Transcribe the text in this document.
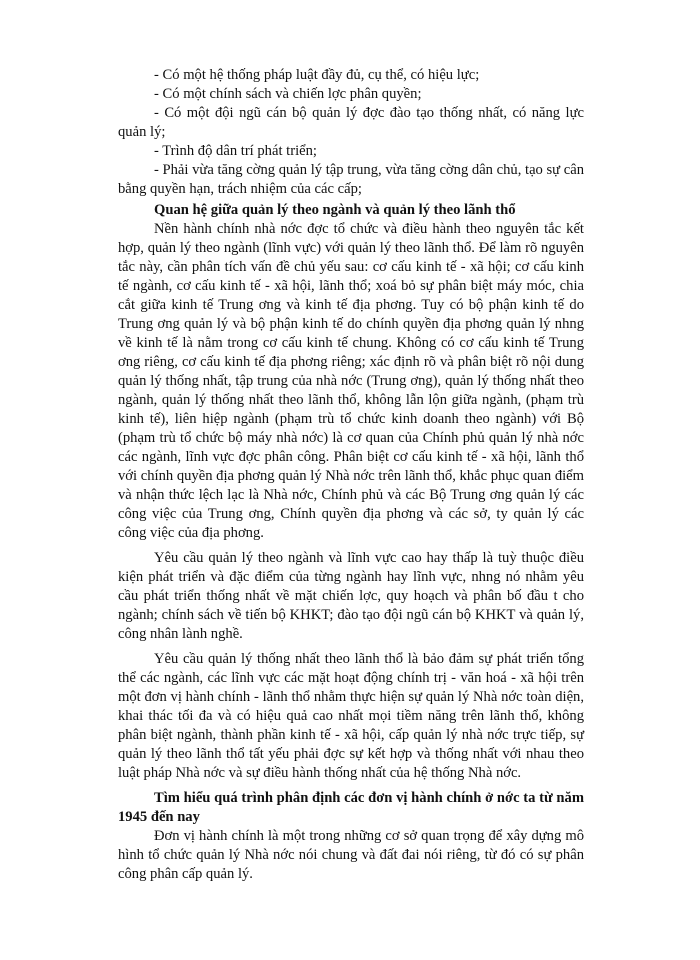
- Có một hệ thống pháp luật đầy đủ, cụ thể, có hiệu lực;

- Có một chính sách và chiến lợc phân quyền;

- Có một đội ngũ cán bộ quản lý đợc đào tạo thống nhất, có năng lực quản lý;

- Trình độ dân trí phát triển;

- Phải vừa tăng cờng quản lý tập trung, vừa tăng cờng dân chủ, tạo sự cân bằng quyền hạn, trách nhiệm của các cấp;

Quan hệ giữa quản lý theo ngành và quản lý theo lãnh thổ

Nền hành chính nhà nớc đợc tổ chức và điều hành theo nguyên tắc kết hợp, quản lý theo ngành (lĩnh vực) với quản lý theo lãnh thổ. Để làm rõ nguyên tắc này, cần phân tích vấn đề chủ yếu sau: cơ cấu kinh tế - xã hội; cơ cấu kinh tế ngành, cơ cấu kinh tế - xã hội, lãnh thổ; xoá bỏ sự phân biệt máy móc, chia cắt giữa kinh tế Trung ơng và kinh tế địa phơng. Tuy có bộ phận kinh tế do Trung ơng quản lý và bộ phận kinh tế do chính quyền địa phơng quản lý nhng về kinh tế là nằm trong cơ cấu kinh tế chung. Không có cơ cấu kinh tế Trung ơng riêng, cơ cấu kinh tế địa phơng riêng; xác định rõ và phân biệt rõ nội dung quản lý thống nhất, tập trung của nhà nớc (Trung ơng), quản lý thống nhất theo ngành, quản lý thống nhất theo lãnh thổ, không lẫn lộn giữa ngành, (phạm trù kinh tế), liên hiệp ngành (phạm trù tổ chức kinh doanh theo ngành) với Bộ (phạm trù tổ chức bộ máy nhà nớc) là cơ quan của Chính phủ quản lý nhà nớc các ngành, lĩnh vực đợc phân công. Phân biệt cơ cấu kinh tế - xã hội, lãnh thổ với chính quyền địa phơng quản lý Nhà nớc trên lãnh thổ, khắc phục quan điểm và nhận thức lệch lạc là Nhà nớc, Chính phủ và các Bộ Trung ơng quản lý các công việc của Trung ơng, Chính quyền địa phơng và các sở, ty quản lý các công việc của địa phơng.

Yêu cầu quản lý theo ngành và lĩnh vực cao hay thấp là tuỳ thuộc điều kiện phát triển và đặc điểm của từng ngành hay lĩnh vực, nhng nó nhằm yêu cầu phát triển thống nhất về mặt chiến lợc, quy hoạch và phân bố đầu t cho ngành; chính sách về tiến bộ KHKT; đào tạo đội ngũ cán bộ KHKT và quản lý, công nhân lành nghề.

Yêu cầu quản lý thống nhất theo lãnh thổ là bảo đảm sự phát triển tổng thể các ngành, các lĩnh vực các mặt hoạt động chính trị - văn hoá - xã hội trên một đơn vị hành chính - lãnh thổ nhằm thực hiện sự quản lý Nhà nớc toàn diện, khai thác tối đa và có hiệu quả cao nhất mọi tiềm năng trên lãnh thổ, không phân biệt ngành, thành phần kinh tế - xã hội, cấp quản lý nhà nớc trực tiếp, sự quản lý theo lãnh thổ tất yếu phải đợc sự kết hợp và thống nhất với nhau theo luật pháp Nhà nớc và sự điều hành thống nhất của hệ thống Nhà nớc.

Tìm hiểu quá trình phân định các đơn vị hành chính ở nớc ta từ năm 1945 đến nay

Đơn vị hành chính là một trong những cơ sở quan trọng để xây dựng mô hình tổ chức quản lý Nhà nớc nói chung và đất đai nói riêng, từ đó có sự phân công phân cấp quản lý.
